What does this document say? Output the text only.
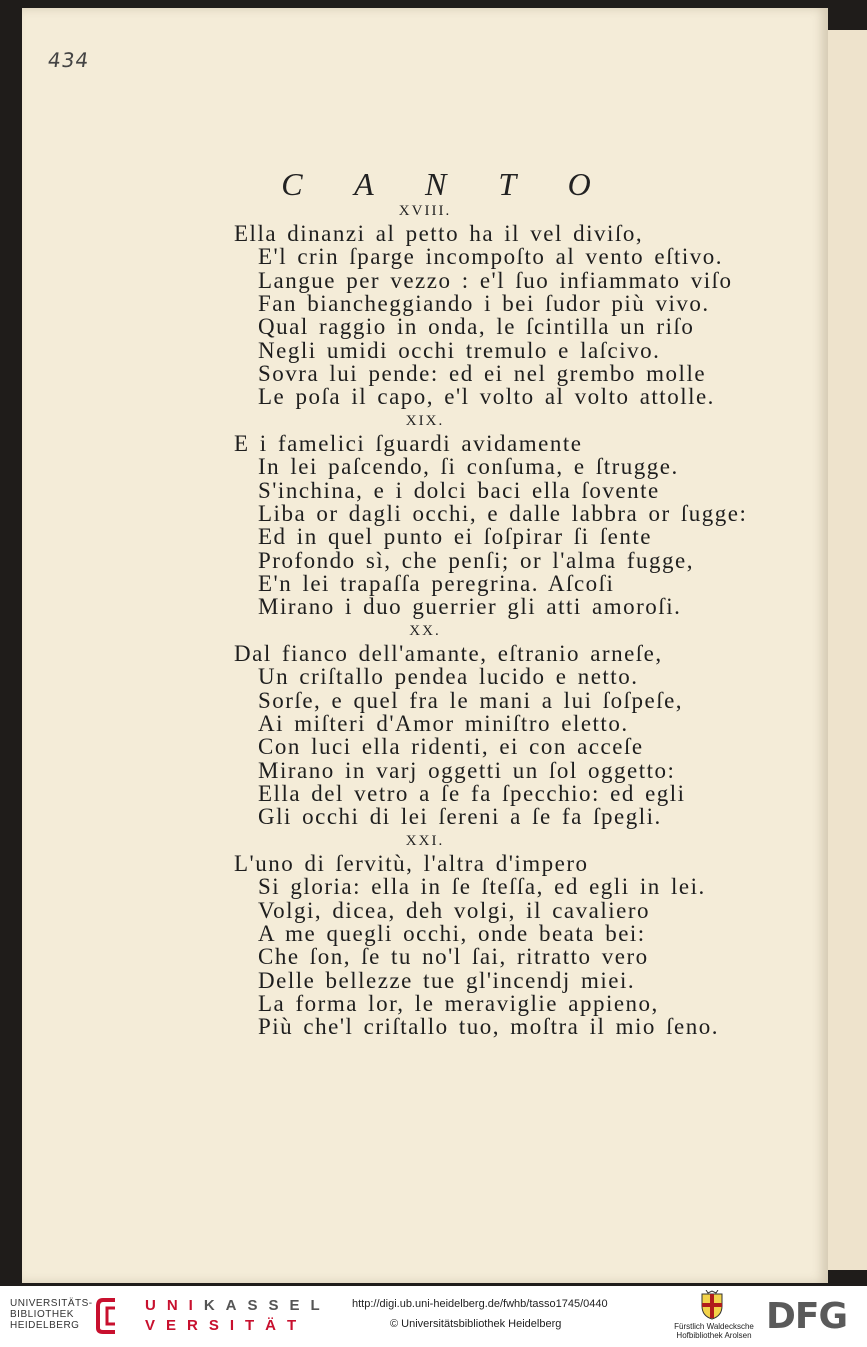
434
C A N T O
XVIII.
Ella dinanzi al petto ha il vel diviſo,
E'l crin ſparge incompoſto al vento eſtivo.
Langue per vezzo : e'l ſuo infiammato viſo
Fan biancheggiando i bei ſudor più vivo.
Qual raggio in onda, le ſcintilla un riſo
Negli umidi occhi tremulo e laſcivo.
Sovra lui pende: ed ei nel grembo molle
Le poſa il capo, e'l volto al volto attolle.
XIX.
E i famelici ſguardi avidamente
In lei paſcendo, ſi conſuma, e ſtrugge.
S'inchina, e i dolci baci ella ſovente
Liba or dagli occhi, e dalle labbra or ſugge:
Ed in quel punto ei ſoſpirar ſi ſente
Profondo sì, che penſi; or l'alma fugge,
E'n lei trapaſſa peregrina. Aſcoſi
Mirano i duo guerrier gli atti amoroſi.
XX.
Dal fianco dell'amante, eſtranio arneſe,
Un criſtallo pendea lucido e netto.
Sorſe, e quel fra le mani a lui ſoſpeſe,
Ai miſteri d'Amor miniſtro eletto.
Con luci ella ridenti, ei con acceſe
Mirano in varj oggetti un ſol oggetto:
Ella del vetro a ſe fa ſpecchio: ed egli
Gli occhi di lei ſereni a ſe fa ſpegli.
XXI.
L'uno di ſervitù, l'altra d'impero
Si gloria: ella in ſe ſteſſa, ed egli in lei.
Volgi, dicea, deh volgi, il cavaliero
A me quegli occhi, onde beata bei:
Che ſon, ſe tu no'l ſai, ritratto vero
Delle bellezze tue gl'incendj miei.
La forma lor, le meraviglie appieno,
Più che'l criſtallo tuo, moſtra il mio ſeno.
UNIVERSITÄTS-
BIBLIOTHEK
HEIDELBERG
UNIKASSEL
VERSITÄT
http://digi.ub.uni-heidelberg.de/fwhb/tasso1745/0440
© Universitätsbibliothek Heidelberg	Fürstlich Waldecksche
Hofbibliothek Arolsen DFG
